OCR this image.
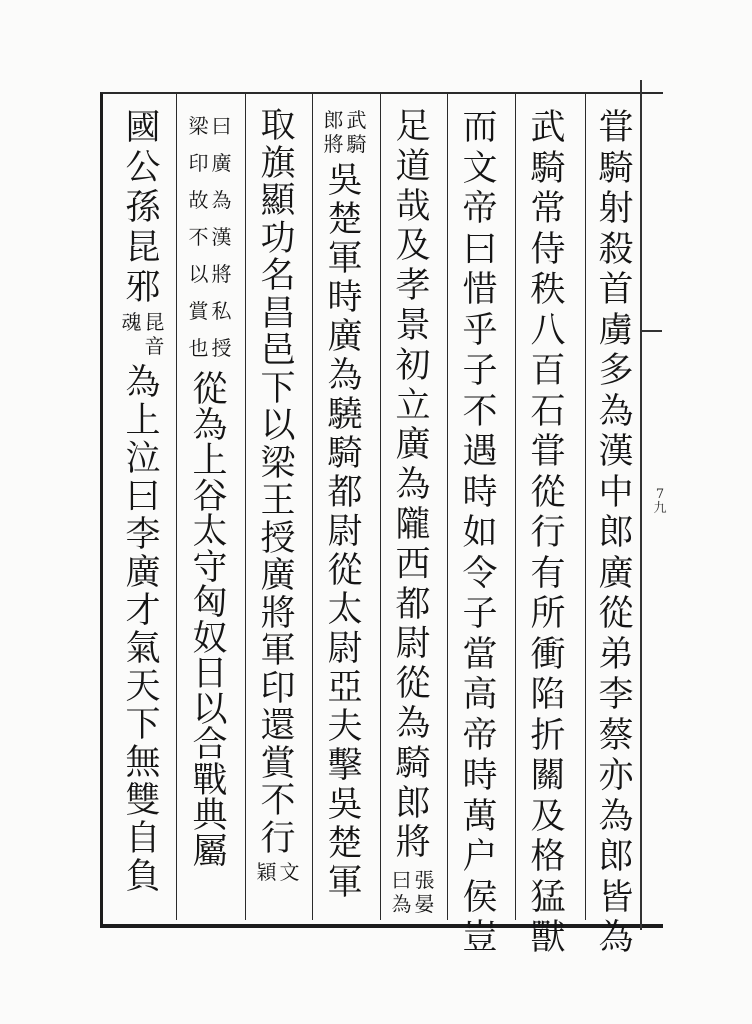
7九
甞騎射殺首虜多為漢中郎廣從弟李蔡亦為郎皆為
武騎常侍秩八百石甞從行有所衝陷折關及格猛獸
而文帝曰惜乎子不遇時如令子當高帝時萬户侯豈
足道哉及孝景初立廣為隴西都尉從為騎郎將
張晏
曰為
武騎
郎將
吳楚軍時廣為驍騎都尉從太尉亞夫擊吳楚軍
取旗顯功名昌邑下以梁王授廣將軍印還賞不行
文
穎
曰廣為漢將私授
梁印故不以賞也
從為上谷太守匈奴日以合戰典屬
國公孫昆邪
昆音
魂
為上泣曰李廣才氣天下無雙自負
